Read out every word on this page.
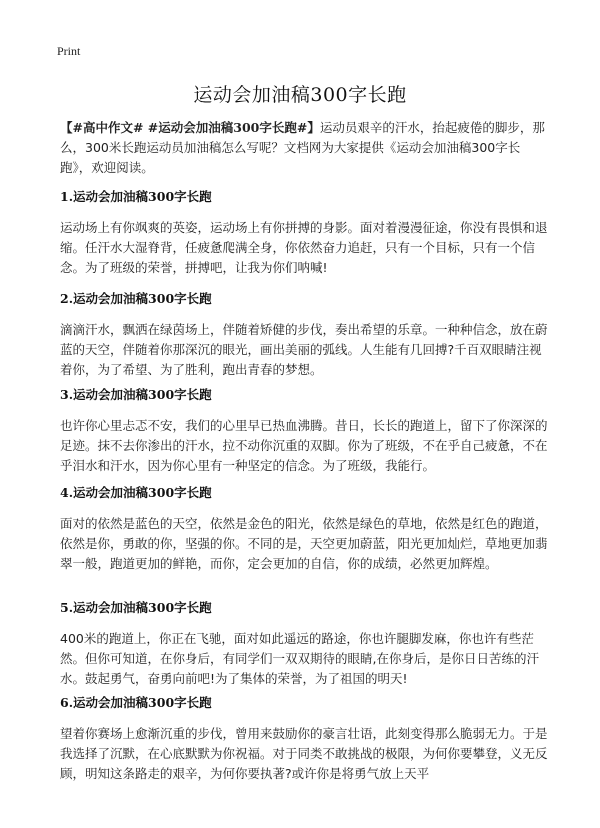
Print
运动会加油稿300字长跑
【#高中作文# #运动会加油稿300字长跑#】运动员艰辛的汗水，抬起疲倦的脚步，那么，300米长跑运动员加油稿怎么写呢？文档网为大家提供《运动会加油稿300字长跑》，欢迎阅读。
1.运动会加油稿300字长跑

运动场上有你飒爽的英姿，运动场上有你拼搏的身影。面对着漫漫征途，你没有畏惧和退缩。任汗水大湿脊背，任疲惫爬满全身，你依然奋力追赶，只有一个目标，只有一个信念。为了班级的荣誉，拼搏吧，让我为你们呐喊!

2.运动会加油稿300字长跑

滴滴汗水，飘洒在绿茵场上，伴随着矫健的步伐，奏出希望的乐章。一种种信念，放在蔚蓝的天空，伴随着你那深沉的眼光，画出美丽的弧线。人生能有几回搏?千百双眼睛注视着你，为了希望、为了胜利，跑出青春的梦想。

3.运动会加油稿300字长跑

也许你心里忐忑不安，我们的心里早已热血沸腾。昔日，长长的跑道上，留下了你深深的足迹。抹不去你渗出的汗水，拉不动你沉重的双脚。你为了班级，不在乎自己疲惫，不在乎泪水和汗水，因为你心里有一种坚定的信念。为了班级，我能行。

4.运动会加油稿300字长跑

面对的依然是蓝色的天空，依然是金色的阳光，依然是绿色的草地，依然是红色的跑道，依然是你，勇敢的你，坚强的你。不同的是，天空更加蔚蓝，阳光更加灿烂，草地更加翡翠一般，跑道更加的鲜艳，而你，定会更加的自信，你的成绩，必然更加辉煌。

5.运动会加油稿300字长跑

400米的跑道上，你正在飞驰，面对如此遥远的路途，你也许腿脚发麻，你也许有些茫然。但你可知道，在你身后，有同学们一双双期待的眼睛,在你身后，是你日日苦练的汗水。鼓起勇气，奋勇向前吧!为了集体的荣誉，为了祖国的明天!

6.运动会加油稿300字长跑

望着你赛场上愈渐沉重的步伐，曾用来鼓励你的豪言壮语，此刻变得那么脆弱无力。于是我选择了沉默，在心底默默为你祝福。对于同类不敢挑战的极限，为何你要攀登，义无反顾，明知这条路走的艰辛，为何你要执著?或许你是将勇气放上天平
